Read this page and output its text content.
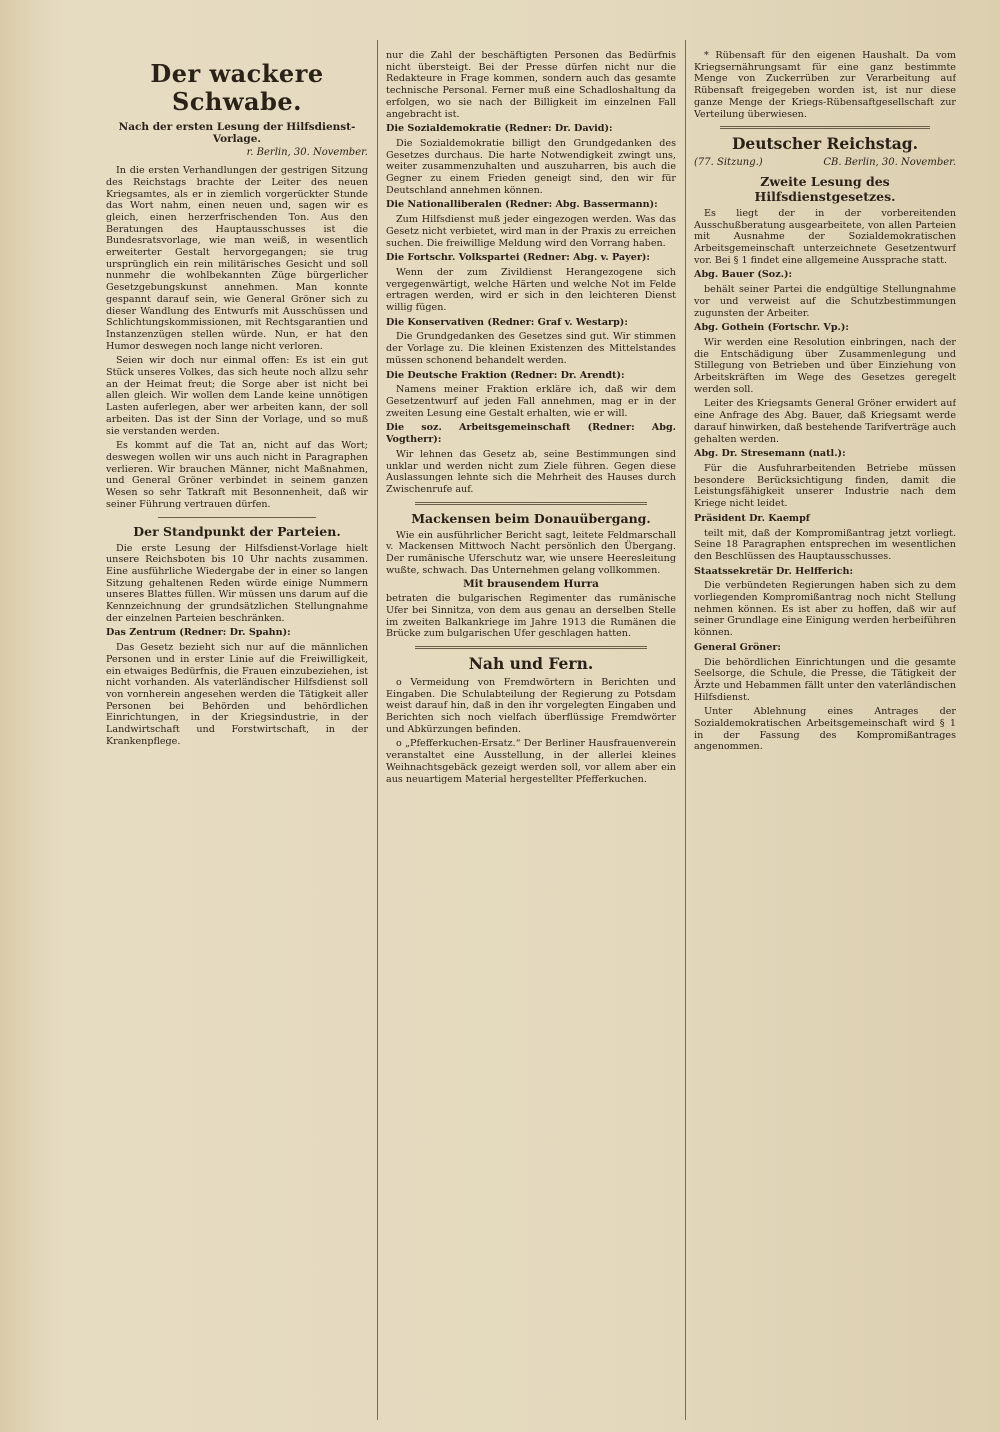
Der wackere Schwabe.
Nach der ersten Lesung der Hilfsdienst-Vorlage.
r. Berlin, 30. November.

In die ersten Verhandlungen der gestrigen Sitzung des Reichstags brachte der Leiter des neuen Kriegsamtes, als er in ziemlich vorgerückter Stunde das Wort nahm, einen neuen und, sagen wir es gleich, einen herzerfrischenden Ton. Aus den Beratungen des Hauptausschusses ist die Bundesratsvorlage, wie man weiß, in wesentlich erweiterter Gestalt hervorgegangen; sie trug ursprünglich ein rein militärisches Gesicht und soll nunmehr die wohlbekannten Züge bürgerlicher Gesetzgebungskunst annehmen. Man konnte gespannt darauf sein, wie General Gröner sich zu dieser Wandlung des Entwurfs mit Ausschüssen und Schlichtungskommissionen, mit Rechtsgarantien und Instanzenzügen stellen würde. Nun, er hat den Humor deswegen noch lange nicht verloren.

Seien wir doch nur einmal offen: Es ist ein gut Stück unseres Volkes, das sich heute noch allzu sehr an der Heimat freut; die Sorge aber ist nicht bei allen gleich. Wir wollen dem Lande keine unnötigen Lasten auferlegen, aber wer arbeiten kann, der soll arbeiten. Das ist der Sinn der Vorlage, und so muß sie verstanden werden.

Es kommt auf die Tat an, nicht auf das Wort; deswegen wollen wir uns auch nicht in Paragraphen verlieren. Wir brauchen Männer, nicht Maßnahmen, und General Gröner verbindet in seinem ganzen Wesen so sehr Tatkraft mit Besonnenheit, daß wir seiner Führung vertrauen dürfen.

Der Standpunkt der Parteien.

Die erste Lesung der Hilfsdienst-Vorlage hielt unsere Reichsboten bis 10 Uhr nachts zusammen. Eine ausführliche Wiedergabe der in einer so langen Sitzung gehaltenen Reden würde einige Nummern unseres Blattes füllen. Wir müssen uns darum auf die Kennzeichnung der grundsätzlichen Stellungnahme der einzelnen Parteien beschränken.

Das Zentrum (Redner: Dr. Spahn):

Das Gesetz bezieht sich nur auf die männlichen Personen und in erster Linie auf die Freiwilligkeit, ein etwaiges Bedürfnis, die Frauen einzubeziehen, ist nicht vorhanden. Als vaterländischer Hilfsdienst soll von vornherein angesehen werden die Tätigkeit aller Personen bei Behörden und behördlichen Einrichtungen, in der Kriegsindustrie, in der Landwirtschaft und Forstwirtschaft, in der Krankenpflege.

nur die Zahl der beschäftigten Personen das Bedürfnis nicht übersteigt. Bei der Presse dürfen nicht nur die Redakteure in Frage kommen, sondern auch das gesamte technische Personal. Ferner muß eine Schadloshaltung da erfolgen, wo sie nach der Billigkeit im einzelnen Fall angebracht ist.

Die Sozialdemokratie (Redner: Dr. David):

Die Sozialdemokratie billigt den Grundgedanken des Gesetzes durchaus. Die harte Notwendigkeit zwingt uns, weiter zusammenzuhalten und auszuharren, bis auch die Gegner zu einem Frieden geneigt sind, den wir für Deutschland annehmen können.

Die Nationalliberalen (Redner: Abg. Bassermann):

Zum Hilfsdienst muß jeder eingezogen werden. Was das Gesetz nicht verbietet, wird man in der Praxis zu erreichen suchen. Die freiwillige Meldung wird den Vorrang haben.

Die Fortschr. Volkspartei (Redner: Abg. v. Payer):

Wenn der zum Zivildienst Herangezogene sich vergegenwärtigt, welche Härten und welche Not im Felde ertragen werden, wird er sich in den leichteren Dienst willig fügen.

Die Konservativen (Redner: Graf v. Westarp):

Die Grundgedanken des Gesetzes sind gut. Wir stimmen der Vorlage zu. Die kleinen Existenzen des Mittelstandes müssen schonend behandelt werden.

Die Deutsche Fraktion (Redner: Dr. Arendt):

Namens meiner Fraktion erkläre ich, daß wir dem Gesetzentwurf auf jeden Fall annehmen, mag er in der zweiten Lesung eine Gestalt erhalten, wie er will.

Die soz. Arbeitsgemeinschaft (Redner: Abg. Vogtherr):

Wir lehnen das Gesetz ab, seine Bestimmungen sind unklar und werden nicht zum Ziele führen. Gegen diese Auslassungen lehnte sich die Mehrheit des Hauses durch Zwischenrufe auf.

Mackensen beim Donauübergang.

Wie ein ausführlicher Bericht sagt, leitete Feldmarschall v. Mackensen Mittwoch Nacht persönlich den Übergang. Der rumänische Uferschutz war, wie unsere Heeresleitung wußte, schwach. Das Unternehmen gelang vollkommen.

Mit brausendem Hurra

betraten die bulgarischen Regimenter das rumänische Ufer bei Sinnitza, von dem aus genau an derselben Stelle im zweiten Balkankriege im Jahre 1913 die Rumänen die Brücke zum bulgarischen Ufer geschlagen hatten.

Nah und Fern.

o Vermeidung von Fremdwörtern in Berichten und Eingaben. Die Schulabteilung der Regierung zu Potsdam weist darauf hin, daß in den ihr vorgelegten Eingaben und Berichten sich noch vielfach überflüssige Fremdwörter und Abkürzungen befinden.

o „Pfefferkuchen-Ersatz.“ Der Berliner Hausfrauenverein veranstaltet eine Ausstellung, in der allerlei kleines Weihnachtsgebäck gezeigt werden soll, vor allem aber ein aus neuartigem Material hergestellter Pfefferkuchen.

* Rübensaft für den eigenen Haushalt. Da vom Kriegsernährungsamt für eine ganz bestimmte Menge von Zuckerrüben zur Verarbeitung auf Rübensaft freigegeben worden ist, ist nur diese ganze Menge der Kriegs-Rübensaftgesellschaft zur Verteilung überwiesen.

Deutscher Reichstag.
(77. Sitzung.)	CB. Berlin, 30. November.
Zweite Lesung des Hilfsdienstgesetzes.

Es liegt der in der vorbereitenden Ausschußberatung ausgearbeitete, von allen Parteien mit Ausnahme der Sozialdemokratischen Arbeitsgemeinschaft unterzeichnete Gesetzentwurf vor. Bei § 1 findet eine allgemeine Aussprache statt.

Abg. Bauer (Soz.):

behält seiner Partei die endgültige Stellungnahme vor und verweist auf die Schutzbestimmungen zugunsten der Arbeiter.

Abg. Gothein (Fortschr. Vp.):

Wir werden eine Resolution einbringen, nach der die Entschädigung über Zusammenlegung und Stillegung von Betrieben und über Einziehung von Arbeitskräften im Wege des Gesetzes geregelt werden soll.

Leiter des Kriegsamts General Gröner erwidert auf eine Anfrage des Abg. Bauer, daß Kriegsamt werde darauf hinwirken, daß bestehende Tarifverträge auch gehalten werden.

Abg. Dr. Stresemann (natl.):

Für die Ausfuhrarbeitenden Betriebe müssen besondere Berücksichtigung finden, damit die Leistungsfähigkeit unserer Industrie nach dem Kriege nicht leidet.

Präsident Dr. Kaempf

teilt mit, daß der Kompromißantrag jetzt vorliegt. Seine 18 Paragraphen entsprechen im wesentlichen den Beschlüssen des Hauptausschusses.

Staatssekretär Dr. Helfferich:

Die verbündeten Regierungen haben sich zu dem vorliegenden Kompromißantrag noch nicht Stellung nehmen können. Es ist aber zu hoffen, daß wir auf seiner Grundlage eine Einigung werden herbeiführen können.

General Gröner:

Die behördlichen Einrichtungen und die gesamte Seelsorge, die Schule, die Presse, die Tätigkeit der Ärzte und Hebammen fällt unter den vaterländischen Hilfsdienst.

Unter Ablehnung eines Antrages der Sozialdemokratischen Arbeitsgemeinschaft wird § 1 in der Fassung des Kompromißantrages angenommen.
